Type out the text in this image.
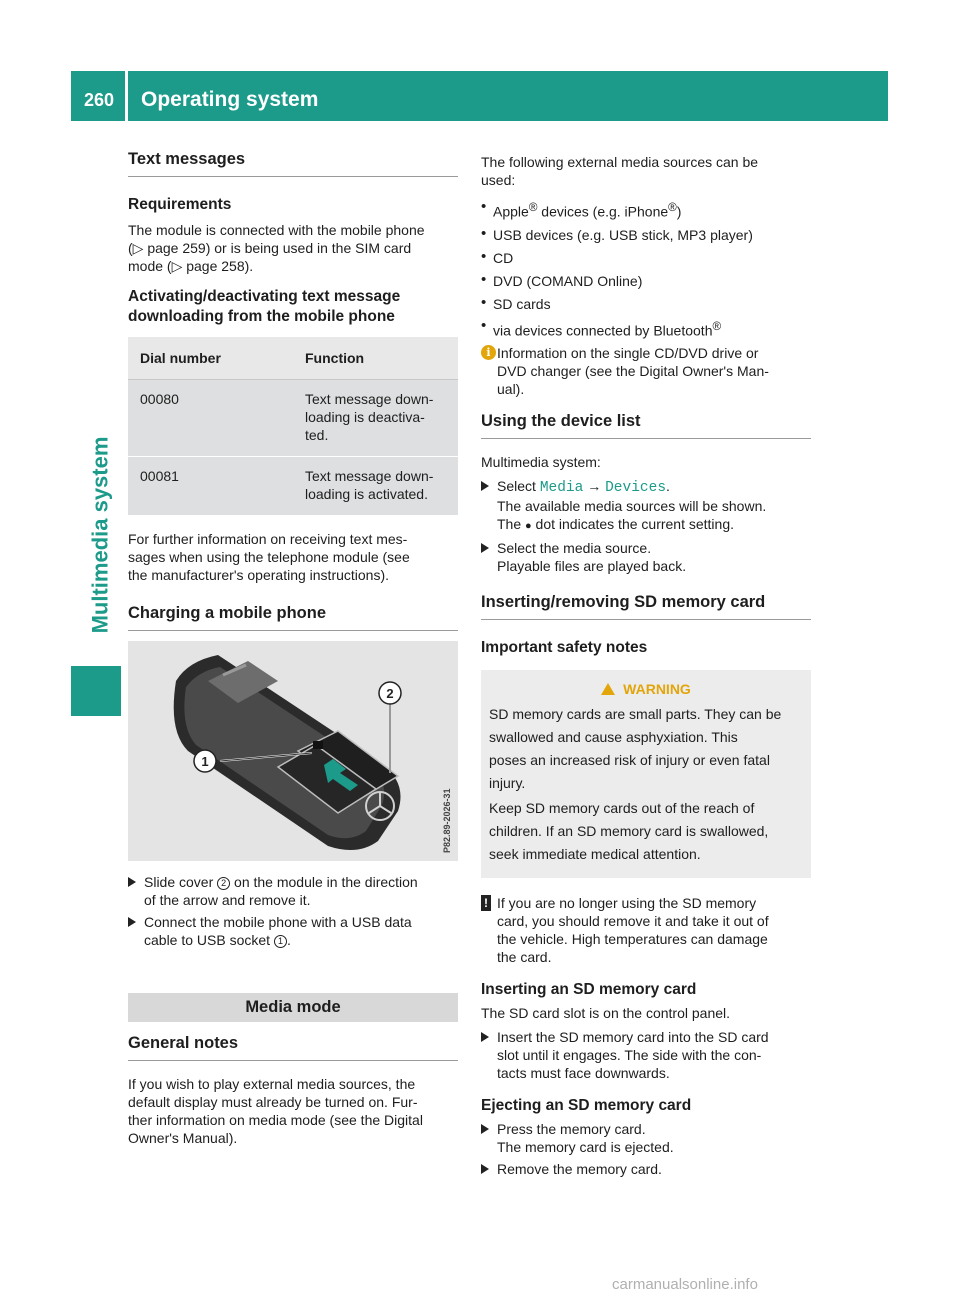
260 Operating system
Multimedia system
Text messages
Requirements

The module is connected with the mobile phone
(▷ page 259) or is being used in the SIM card
mode (▷ page 258).

Activating/deactivating text message
downloading from the mobile phone
Dial number	Function
00080	Text message down-
loading is deactiva-
ted.
00081	Text message down-
loading is activated.

For further information on receiving text mes-
sages when using the telephone module (see
the manufacturer's operating instructions).

Charging a mobile phone
1
2
P82.89-2026-31
Slide cover 2 on the module in the direction
of the arrow and remove it.
Connect the mobile phone with a USB data
cable to USB socket 1 .
Media mode
General notes

If you wish to play external media sources, the
default display must already be turned on. Fur-
ther information on media mode (see the Digital
Owner's Manual).

The following external media sources can be
used:

• Apple® devices (e.g. iPhone®)
• USB devices (e.g. USB stick, MP3 player)
• CD
• DVD (COMAND Online)
• SD cards
• via devices connected by Bluetooth®
i Information on the single CD/DVD drive or
DVD changer (see the Digital Owner's Man-
ual).
Using the device list

Multimedia system:

Select Media → Devices.
The available media sources will be shown.
The ● dot indicates the current setting.
Select the media source.
Playable files are played back.
Inserting/removing SD memory card
Important safety notes
WARNING

SD memory cards are small parts. They can be
swallowed and cause asphyxiation. This
poses an increased risk of injury or even fatal
injury.

Keep SD memory cards out of the reach of
children. If an SD memory card is swallowed,
seek immediate medical attention.

! If you are no longer using the SD memory
card, you should remove it and take it out of
the vehicle. High temperatures can damage
the card.
Inserting an SD memory card

The SD card slot is on the control panel.

Insert the SD memory card into the SD card
slot until it engages. The side with the con-
tacts must face downwards.
Ejecting an SD memory card
Press the memory card.
The memory card is ejected.
Remove the memory card.
carmanualsonline.info
